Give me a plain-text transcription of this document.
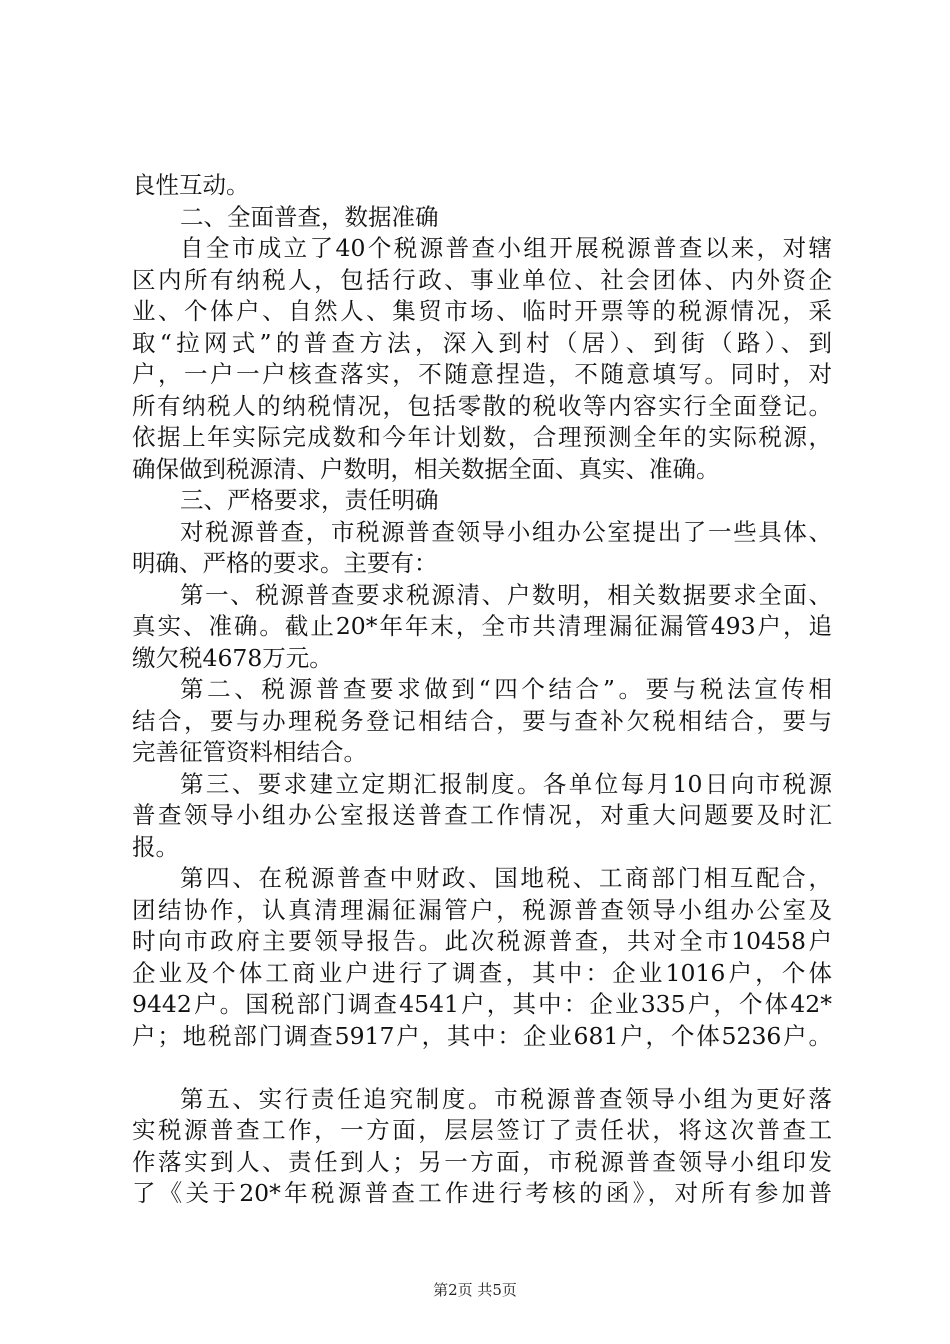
良性互动。
二、全面普查，数据准确
自全市成立了40个税源普查小组开展税源普查以来，对辖
区内所有纳税人，包括行政、事业单位、社会团体、内外资企
业、个体户、自然人、集贸市场、临时开票等的税源情况，采
取“拉网式”的普查方法，深入到村（居）、到街（路）、到
户，一户一户核查落实，不随意捏造，不随意填写。同时，对
所有纳税人的纳税情况，包括零散的税收等内容实行全面登记。
依据上年实际完成数和今年计划数，合理预测全年的实际税源，
确保做到税源清、户数明，相关数据全面、真实、准确。
三、严格要求，责任明确
对税源普查，市税源普查领导小组办公室提出了一些具体、
明确、严格的要求。主要有：
第一、税源普查要求税源清、户数明，相关数据要求全面、
真实、准确。截止20*年年末，全市共清理漏征漏管493户，追
缴欠税4678万元。
第二、税源普查要求做到“四个结合”。要与税法宣传相
结合，要与办理税务登记相结合，要与查补欠税相结合，要与
完善征管资料相结合。
第三、要求建立定期汇报制度。各单位每月10日向市税源
普查领导小组办公室报送普查工作情况，对重大问题要及时汇
报。
第四、在税源普查中财政、国地税、工商部门相互配合，
团结协作，认真清理漏征漏管户，税源普查领导小组办公室及
时向市政府主要领导报告。此次税源普查，共对全市10458户
企业及个体工商业户进行了调查，其中：企业1016户，个体
9442户。国税部门调查4541户，其中：企业335户，个体42*
户；地税部门调查5917户，其中：企业681户，个体5236户。
第五、实行责任追究制度。市税源普查领导小组为更好落
实税源普查工作，一方面，层层签订了责任状，将这次普查工
作落实到人、责任到人；另一方面，市税源普查领导小组印发
了《关于20*年税源普查工作进行考核的函》，对所有参加普
第2页 共5页
